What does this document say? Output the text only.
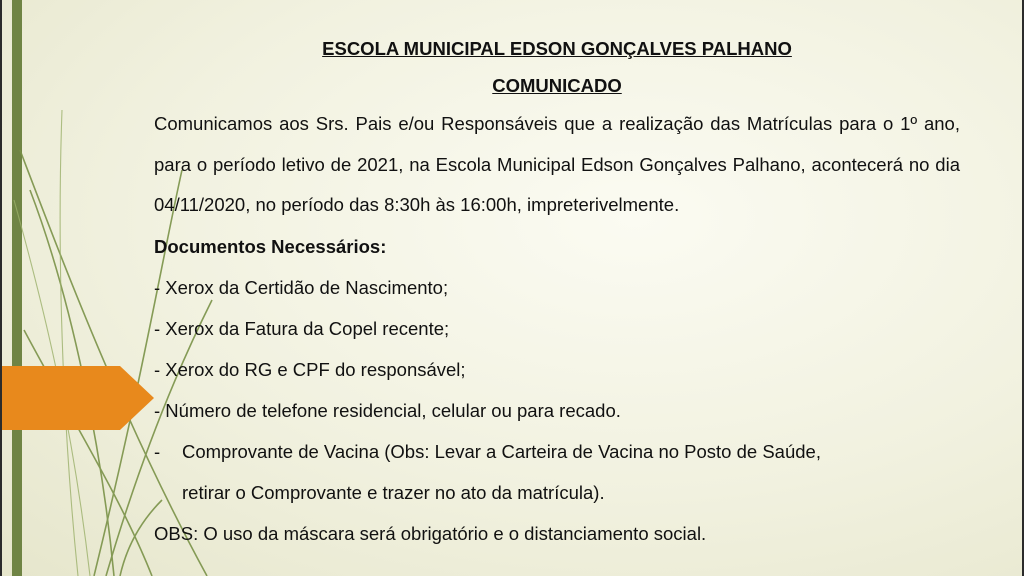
ESCOLA MUNICIPAL EDSON GONÇALVES PALHANO
COMUNICADO

Comunicamos aos Srs. Pais e/ou Responsáveis que a realização das Matrículas para o 1º ano, para o período letivo de 2021, na Escola Municipal Edson Gonçalves Palhano, acontecerá no dia 04/11/2020, no período das 8:30h às 16:00h, impreterivelmente.

Documentos Necessários:
- Xerox da Certidão de Nascimento;
- Xerox da Fatura da Copel recente;
- Xerox do RG e CPF do responsável;
- Número de telefone residencial, celular ou para recado.
- Comprovante de Vacina (Obs: Levar a Carteira de Vacina no Posto de Saúde,
retirar o Comprovante e trazer no ato da matrícula).
OBS: O uso da máscara será obrigatório e o distanciamento social.
